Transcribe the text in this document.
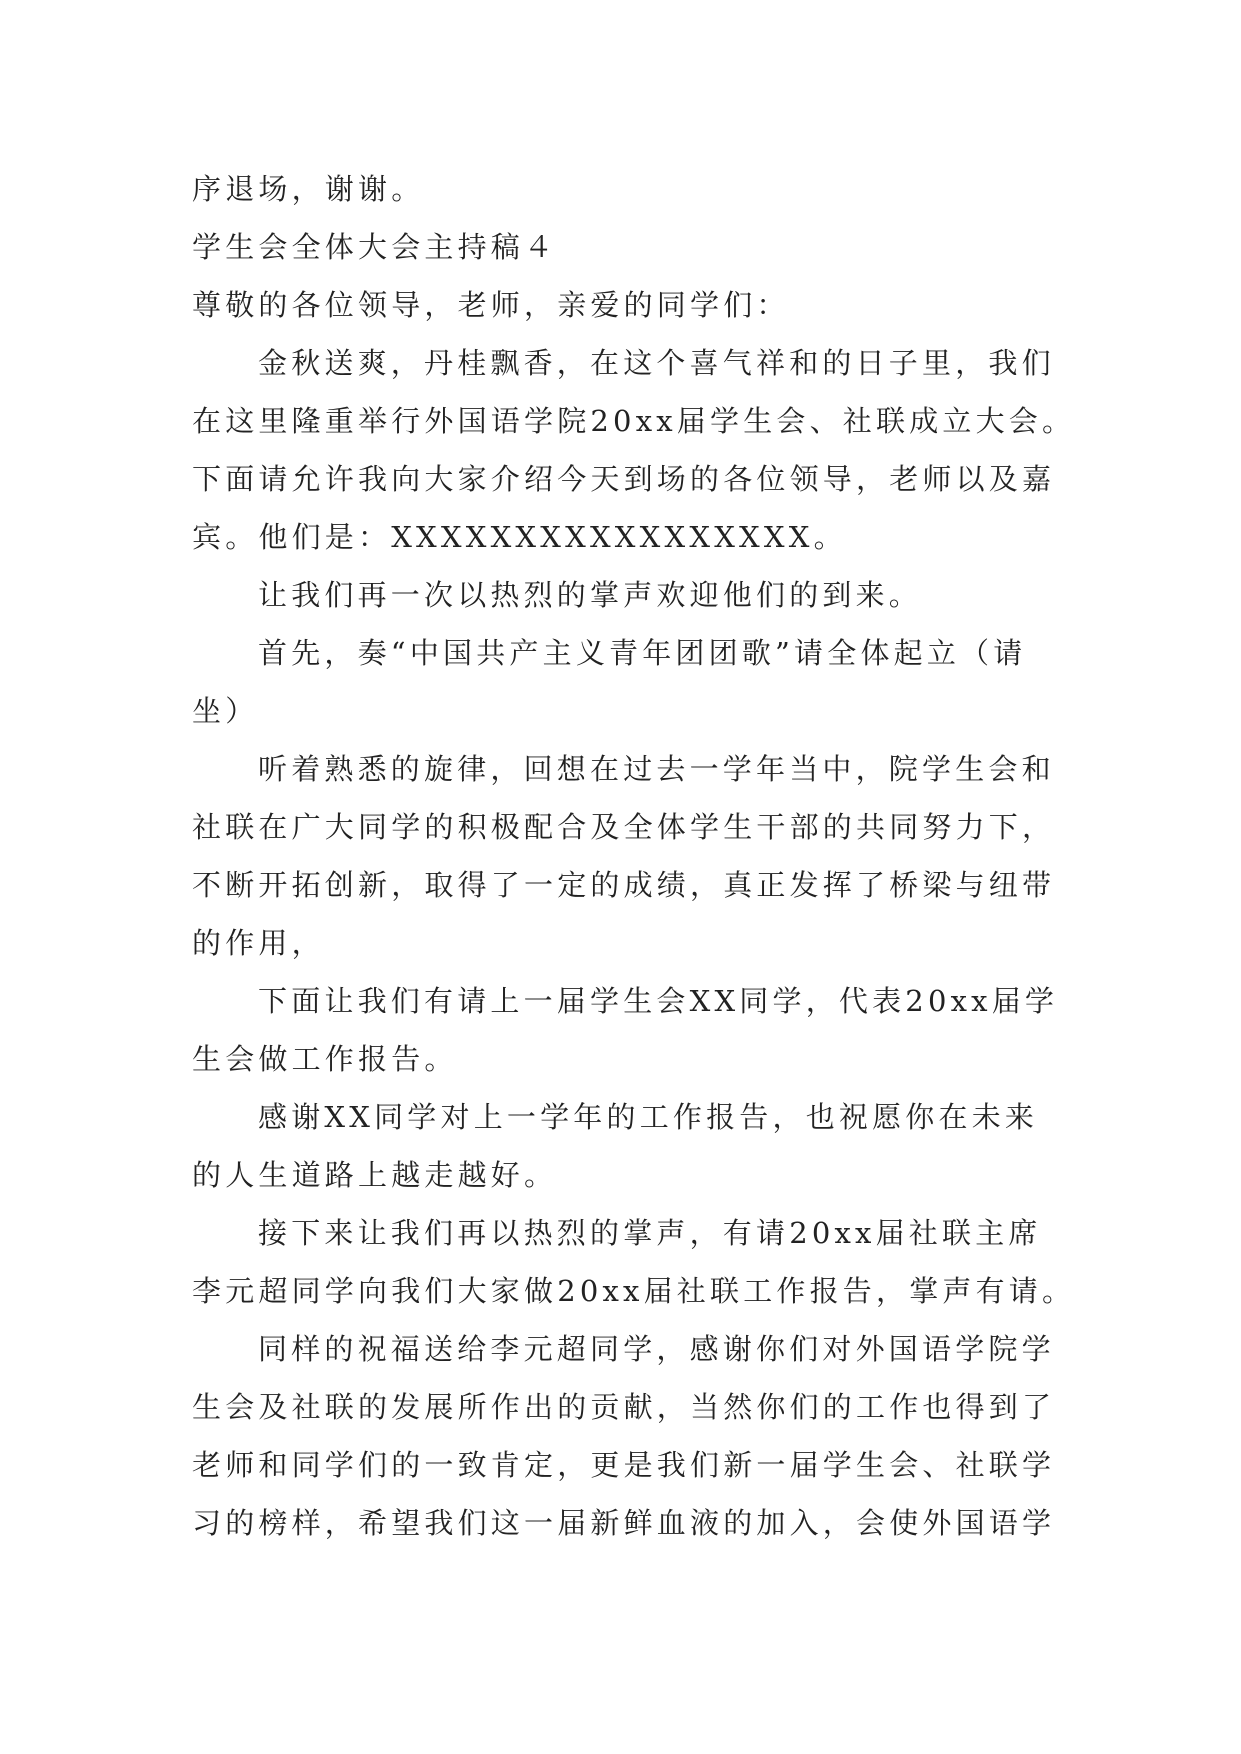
序退场，谢谢。
学生会全体大会主持稿４
尊敬的各位领导，老师，亲爱的同学们：
金秋送爽，丹桂飘香，在这个喜气祥和的日子里，我们
在这里隆重举行外国语学院20xx届学生会、社联成立大会。
下面请允许我向大家介绍今天到场的各位领导，老师以及嘉
宾。他们是：XXXXXXXXXXXXXXXXX。
让我们再一次以热烈的掌声欢迎他们的到来。
首先，奏“中国共产主义青年团团歌”请全体起立（请
坐）
听着熟悉的旋律，回想在过去一学年当中，院学生会和
社联在广大同学的积极配合及全体学生干部的共同努力下，
不断开拓创新，取得了一定的成绩，真正发挥了桥梁与纽带
的作用，
下面让我们有请上一届学生会XX同学，代表20xx届学
生会做工作报告。
感谢XX同学对上一学年的工作报告，也祝愿你在未来
的人生道路上越走越好。
接下来让我们再以热烈的掌声，有请20xx届社联主席
李元超同学向我们大家做20xx届社联工作报告，掌声有请。
同样的祝福送给李元超同学，感谢你们对外国语学院学
生会及社联的发展所作出的贡献，当然你们的工作也得到了
老师和同学们的一致肯定，更是我们新一届学生会、社联学
习的榜样，希望我们这一届新鲜血液的加入，会使外国语学
